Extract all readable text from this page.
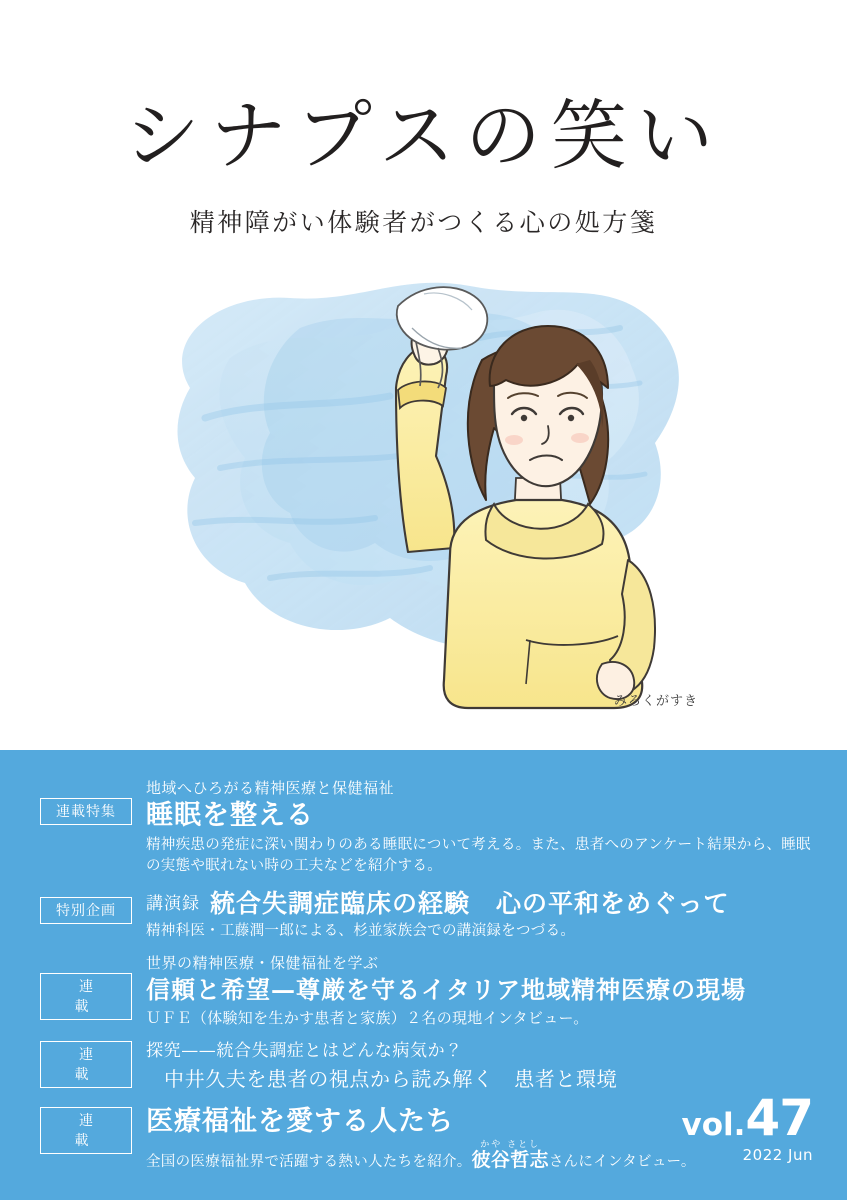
シナプスの笑い
精神障がい体験者がつくる心の処方箋
みろくがすき
連載特集
地域へひろがる精神医療と保健福祉
睡眠を整える
精神疾患の発症に深い関わりのある睡眠について考える。また、患者へのアンケート結果から、睡眠の実態や眠れない時の工夫などを紹介する。
特別企画	講演録 統合失調症臨床の経験　心の平和をめぐって
精神科医・工藤潤一郎による、杉並家族会での講演録をつづる。
連　　載
世界の精神医療・保健福祉を学ぶ
信頼と希望—尊厳を守るイタリア地域精神医療の現場
ＵＦＥ（体験知を生かす患者と家族）２名の現地インタビュー。
連　　載
探究——統合失調症とはどんな病気か？
中井久夫を患者の視点から読み解く　患者と環境
連　　載
医療福祉を愛する人たち
全国の医療福祉界で活躍する熱い人たちを紹介。
かや さとし
彼谷哲志さんにインタビュー。
vol.47
2022 Jun
